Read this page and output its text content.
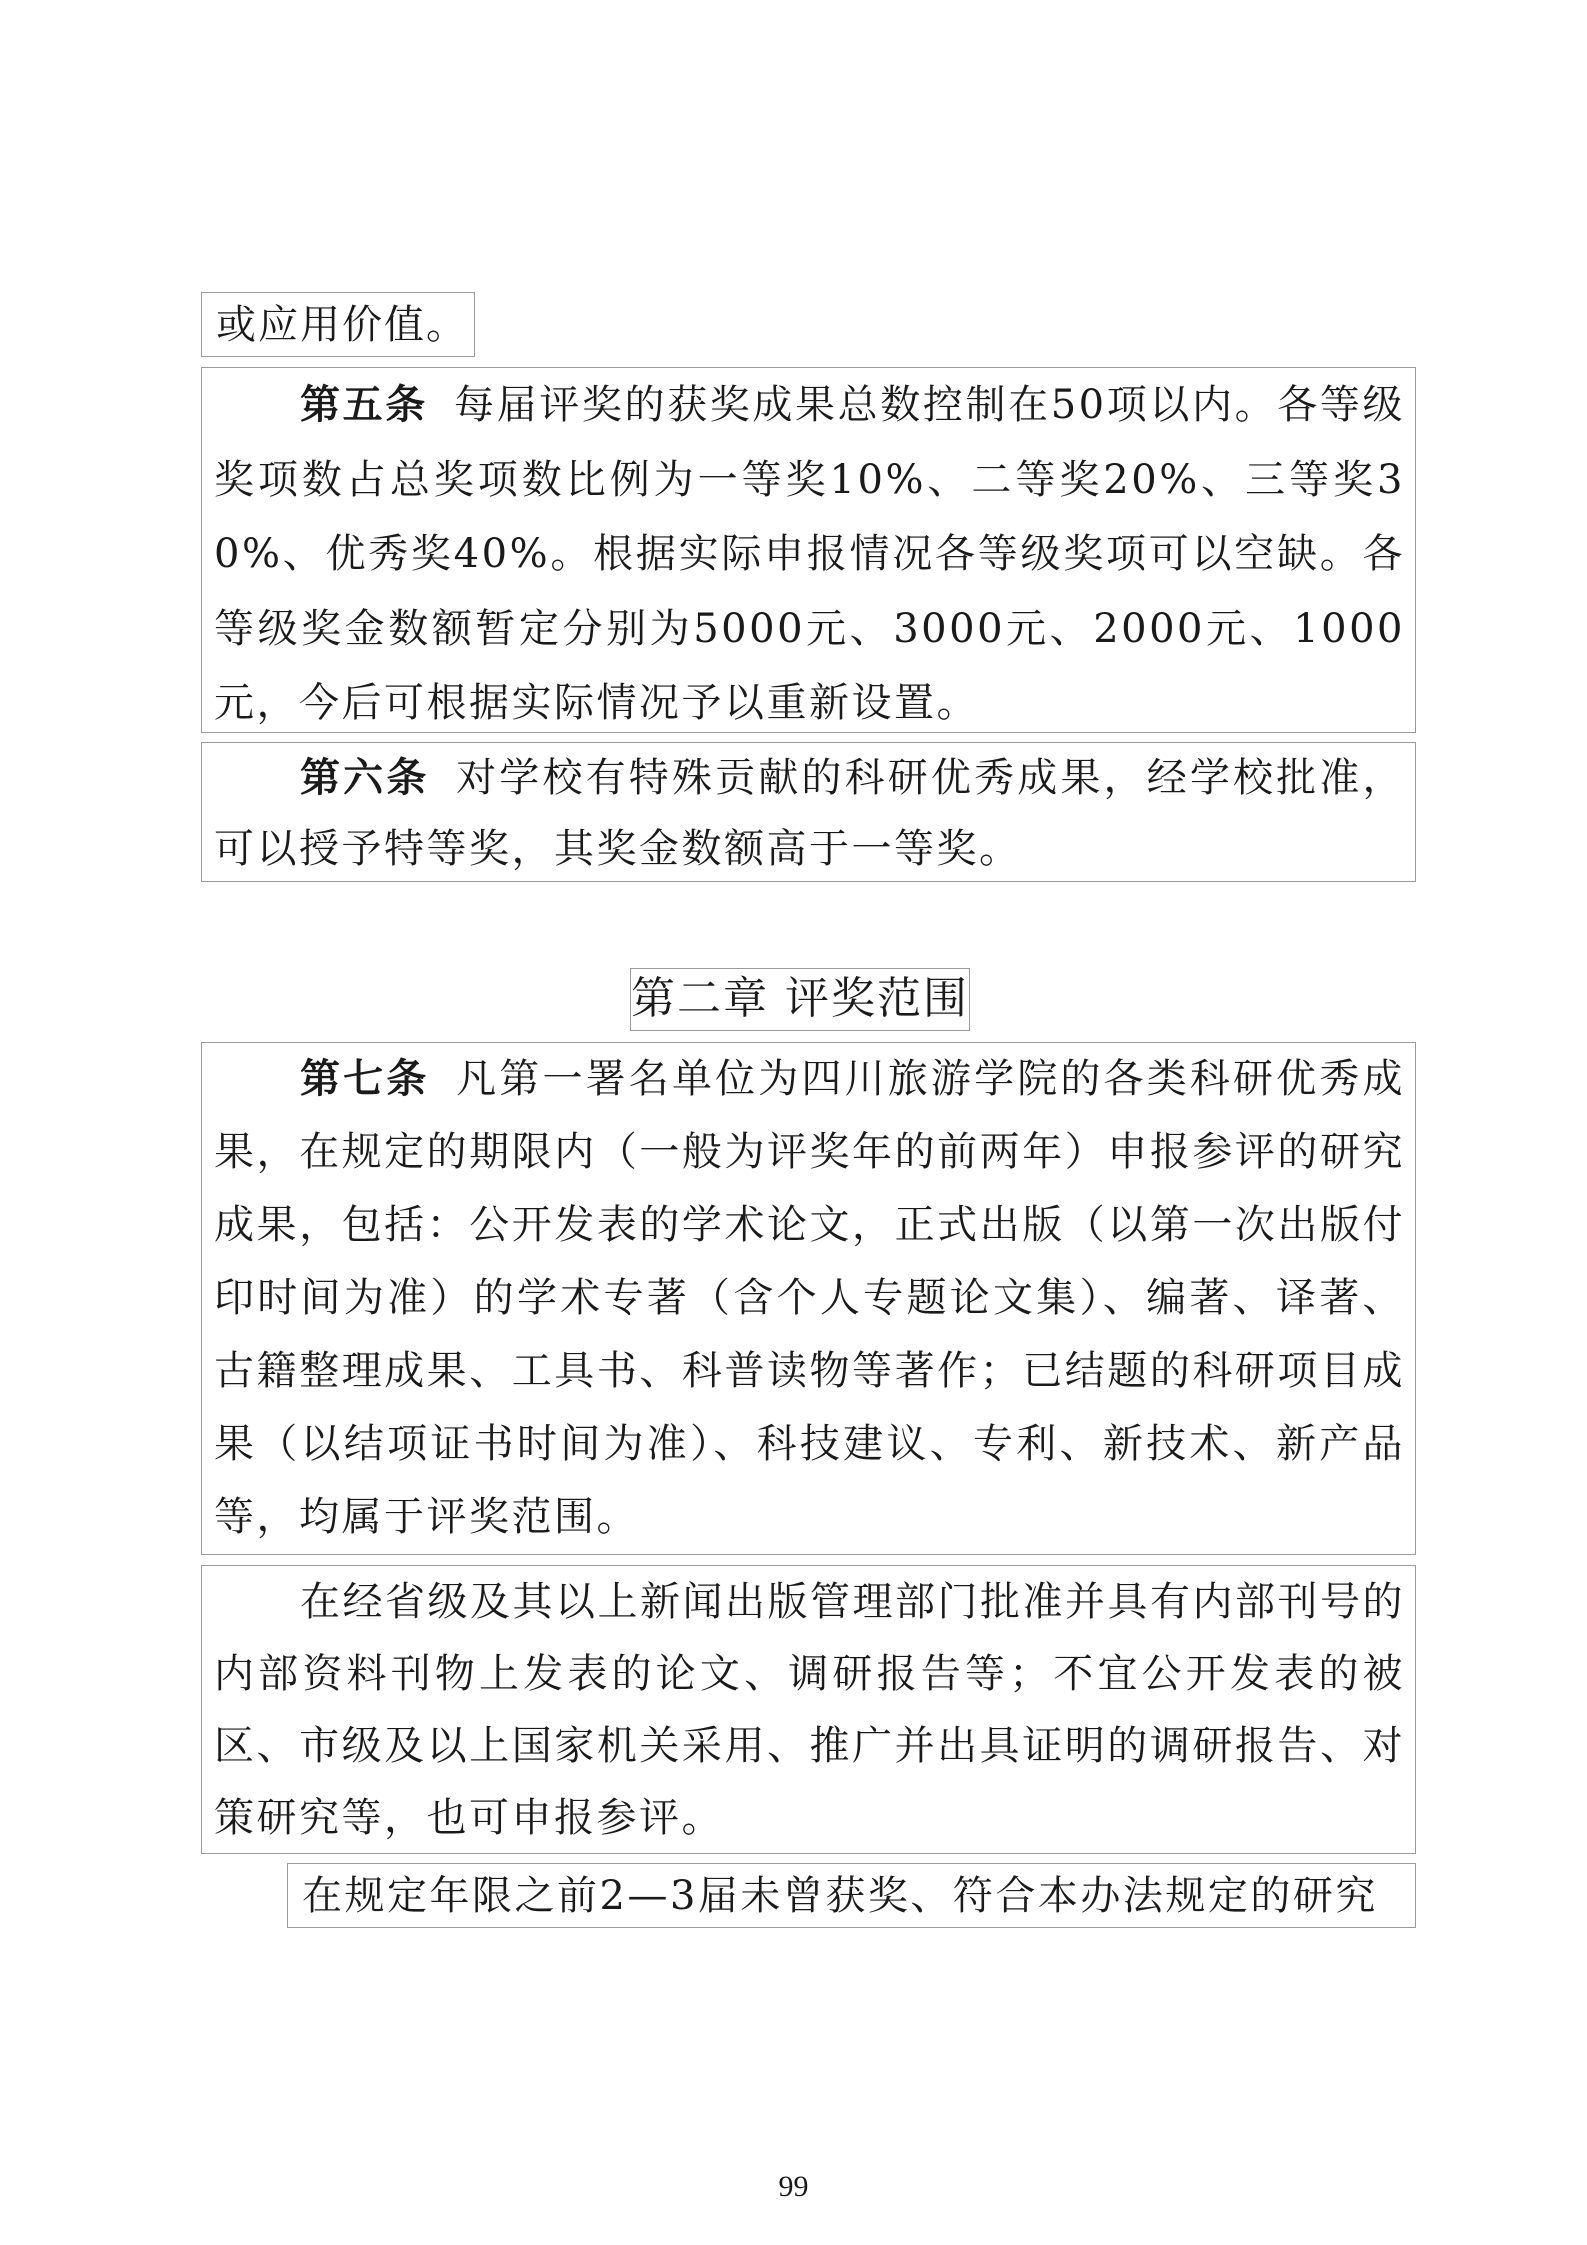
或应用价值。

第五条 每届评奖的获奖成果总数控制在50项以内。各等级奖项数占总奖项数比例为一等奖10%、二等奖20%、三等奖30%、优秀奖40%。根据实际申报情况各等级奖项可以空缺。各等级奖金数额暂定分别为5000元、3000元、2000元、1000元，今后可根据实际情况予以重新设置。
第六条 对学校有特殊贡献的科研优秀成果，经学校批准，可以授予特等奖，其奖金数额高于一等奖。
第二章 评奖范围
第七条 凡第一署名单位为四川旅游学院的各类科研优秀成果，在规定的期限内（一般为评奖年的前两年）申报参评的研究成果，包括：公开发表的学术论文，正式出版（以第一次出版付印时间为准）的学术专著（含个人专题论文集）、编著、译著、古籍整理成果、工具书、科普读物等著作；已结题的科研项目成果（以结项证书时间为准）、科技建议、专利、新技术、新产品等，均属于评奖范围。

在经省级及其以上新闻出版管理部门批准并具有内部刊号的内部资料刊物上发表的论文、调研报告等；不宜公开发表的被区、市级及以上国家机关采用、推广并出具证明的调研报告、对策研究等，也可申报参评。

在规定年限之前2—3届未曾获奖、符合本办法规定的研究

99
